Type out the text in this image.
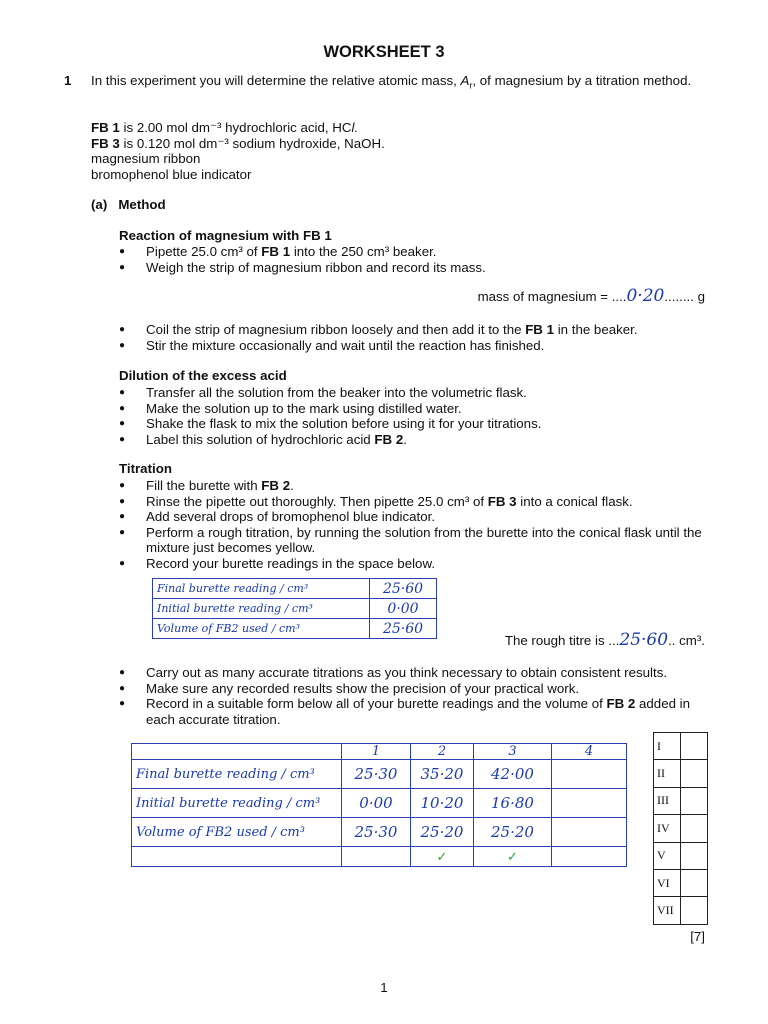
WORKSHEET 3
1 In this experiment you will determine the relative atomic mass, $A_r$, of magnesium by a titration method.
FB 1 is 2.00 mol dm⁻³ hydrochloric acid, HCl.
FB 3 is 0.120 mol dm⁻³ sodium hydroxide, NaOH.
magnesium ribbon
bromophenol blue indicator
(a) Method
Reaction of magnesium with FB 1
● Pipette 25.0 cm³ of FB 1 into the 250 cm³ beaker.
● Weigh the strip of magnesium ribbon and record its mass.
mass of magnesium = ....0·20........ g
● Coil the strip of magnesium ribbon loosely and then add it to the FB 1 in the beaker.
● Stir the mixture occasionally and wait until the reaction has finished.
Dilution of the excess acid
● Transfer all the solution from the beaker into the volumetric flask.
● Make the solution up to the mark using distilled water.
● Shake the flask to mix the solution before using it for your titrations.
● Label this solution of hydrochloric acid FB 2.
Titration
● Fill the burette with FB 2.
● Rinse the pipette out thoroughly. Then pipette 25.0 cm³ of FB 3 into a conical flask.
● Add several drops of bromophenol blue indicator.
● Perform a rough titration, by running the solution from the burette into the conical flask until the mixture just becomes yellow.
● Record your burette readings in the space below.
Final burette reading / cm³	25·60
Initial burette reading / cm³	0·00
Volume of FB2 used / cm³	25·60
The rough titre is ...25·60.. cm³.
● Carry out as many accurate titrations as you think necessary to obtain consistent results.
● Make sure any recorded results show the precision of your practical work.
● Record in a suitable form below all of your burette readings and the volume of FB 2 added in each accurate titration.
	1	2	3	4
Final burette reading / cm³	25·30	35·20	42·00	
Initial burette reading / cm³	0·00	10·20	16·80	
Volume of FB2 used / cm³	25·30	25·20	25·20	
		✓	✓	
I	
II	
III	
IV	
V	
VI	
VII	
[7]
1
